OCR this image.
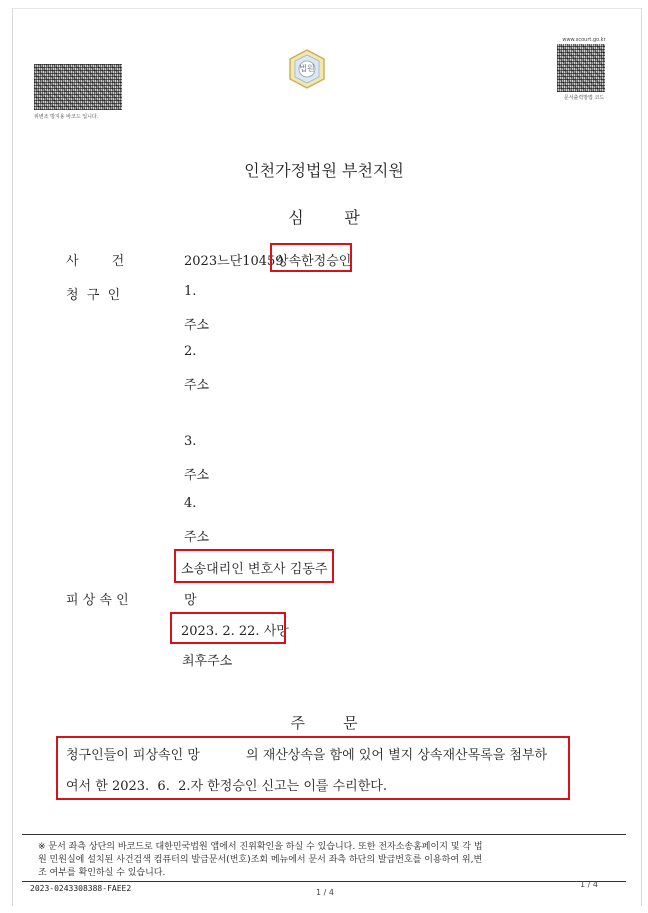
위변조 방지용 바코드 입니다.
법원
www.scourt.go.kr
문서출력방법 코드
인천가정법원 부천지원
심        판
사        건	2023느단10459
상속한정승인
청  구  인	1.
주소
2.
주소
3.
주소
4.
주소
소송대리인 변호사 김동주
피 상 속 인	망
2023. 2. 22. 사망
최후주소
주        문
청구인들이 피상속인 망	의 재산상속을 함에 있어 별지 상속재산목록을 첨부하
여서 한 2023.  6.  2.자 한정승인 신고는 이를 수리한다.
※ 문서 좌측 상단의 바코드로 대한민국법원 앱에서 진위확인을 하실 수 있습니다. 또한 전자소송홈페이지 및 각 법
원 민원실에 설치된 사건검색 컴퓨터의 발급문서(번호)조회 메뉴에서 문서 좌측 하단의 발급번호를 이용하여 위,변
조 여부를 확인하실 수 있습니다.
2023-0243308388-FAEE2	1 / 4
1 / 4
